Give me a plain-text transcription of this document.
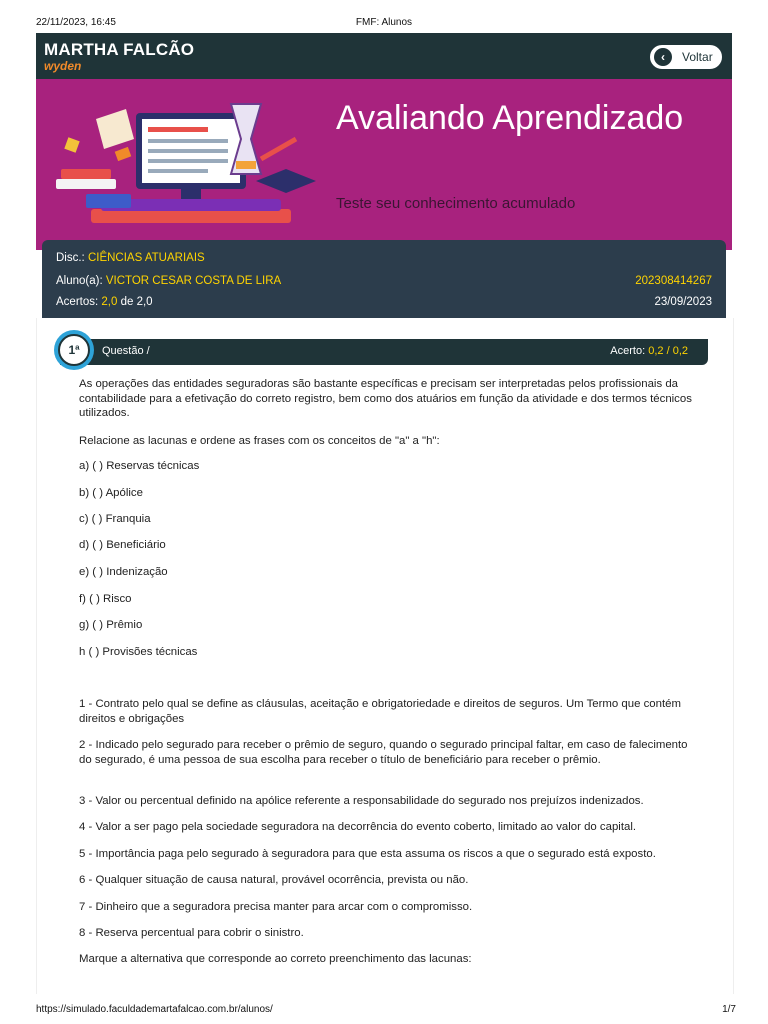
22/11/2023, 16:45	FMF: Alunos
MARTHA FALCÃO
wyden
‹	Voltar
Avaliando Aprendizado
Teste seu conhecimento acumulado
Disc.: CIÊNCIAS ATUARIAIS
Aluno(a): VICTOR CESAR COSTA DE LIRA	202308414267
Acertos: 2,0 de 2,0	23/09/2023
Questão /	Acerto: 0,2 / 0,2
1ª
As operações das entidades seguradoras são bastante específicas e precisam ser interpretadas pelos profissionais da contabilidade para a efetivação do correto registro, bem como dos atuários em função da atividade e dos termos técnicos utilizados.
Relacione as lacunas e ordene as frases com os conceitos de "a" a "h":
a) ( ) Reservas técnicas
b) ( ) Apólice
c) ( ) Franquia
d) ( ) Beneficiário
e) ( ) Indenização
f) ( ) Risco
g) ( ) Prêmio
h ( ) Provisões técnicas
1 - Contrato pelo qual se define as cláusulas, aceitação e obrigatoriedade e direitos de seguros. Um Termo que contém direitos e obrigações
2 - Indicado pelo segurado para receber o prêmio de seguro, quando o segurado principal faltar, em caso de falecimento do segurado, é uma pessoa de sua escolha para receber o título de beneficiário para receber o prêmio.
3 - Valor ou percentual definido na apólice referente a responsabilidade do segurado nos prejuízos indenizados.
4 - Valor a ser pago pela sociedade seguradora na decorrência do evento coberto, limitado ao valor do capital.
5 - Importância paga pelo segurado à seguradora para que esta assuma os riscos a que o segurado está exposto.
6 - Qualquer situação de causa natural, provável ocorrência, prevista ou não.
7 - Dinheiro que a seguradora precisa manter para arcar com o compromisso.
8 - Reserva percentual para cobrir o sinistro.
Marque a alternativa que corresponde ao correto preenchimento das lacunas:
https://simulado.faculdademartafalcao.com.br/alunos/	1/7
